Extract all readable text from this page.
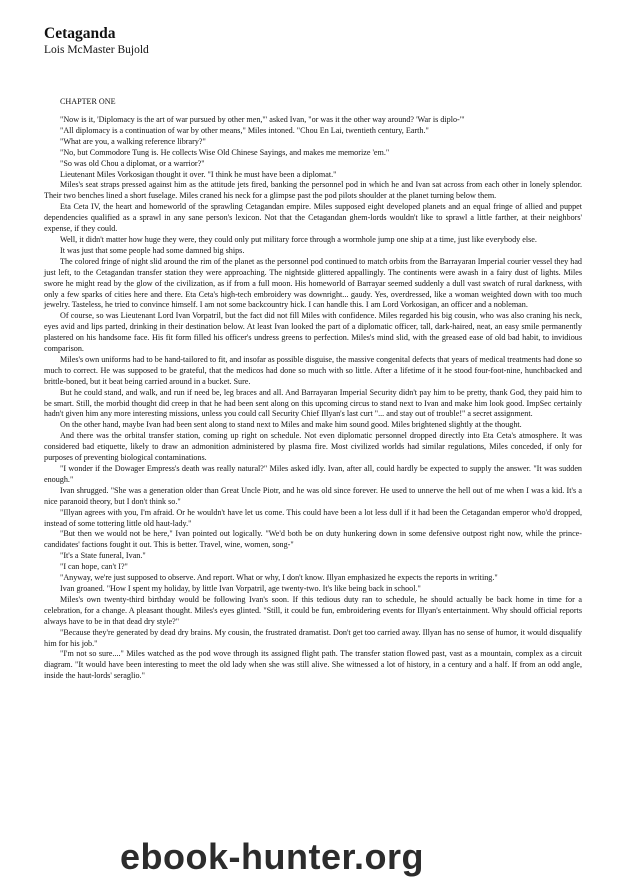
Cetaganda
Lois McMaster Bujold
CHAPTER ONE

"Now is it, 'Diplomacy is the art of war pursued by other men,'" asked Ivan, "or was it the other way around? 'War is diplo-'"

"All diplomacy is a continuation of war by other means," Miles intoned. "Chou En Lai, twentieth century, Earth."

"What are you, a walking reference library?"

"No, but Commodore Tung is. He collects Wise Old Chinese Sayings, and makes me memorize 'em."

"So was old Chou a diplomat, or a warrior?"

Lieutenant Miles Vorkosigan thought it over. "I think he must have been a diplomat."

Miles's seat straps pressed against him as the attitude jets fired, banking the personnel pod in which he and Ivan sat across from each other in lonely splendor. Their two benches lined a short fuselage. Miles craned his neck for a glimpse past the pod pilots shoulder at the planet turning below them.

Eta Ceta IV, the heart and homeworld of the sprawling Cetagandan empire. Miles supposed eight developed planets and an equal fringe of allied and puppet dependencies qualified as a sprawl in any sane person's lexicon. Not that the Cetagandan ghem-lords wouldn't like to sprawl a little farther, at their neighbors' expense, if they could.

Well, it didn't matter how huge they were, they could only put military force through a wormhole jump one ship at a time, just like everybody else.

It was just that some people had some damned big ships.

The colored fringe of night slid around the rim of the planet as the personnel pod continued to match orbits from the Barrayaran Imperial courier vessel they had just left, to the Cetagandan transfer station they were approaching. The nightside glittered appallingly. The continents were awash in a fairy dust of lights. Miles swore he might read by the glow of the civilization, as if from a full moon. His homeworld of Barrayar seemed suddenly a dull vast swatch of rural darkness, with only a few sparks of cities here and there. Eta Ceta's high-tech embroidery was downright... gaudy. Yes, overdressed, like a woman weighted down with too much jewelry. Tasteless, he tried to convince himself. I am not some backcountry hick. I can handle this. I am Lord Vorkosigan, an officer and a nobleman.

Of course, so was Lieutenant Lord Ivan Vorpatril, but the fact did not fill Miles with confidence. Miles regarded his big cousin, who was also craning his neck, eyes avid and lips parted, drinking in their destination below. At least Ivan looked the part of a diplomatic officer, tall, dark-haired, neat, an easy smile permanently plastered on his handsome face. His fit form filled his officer's undress greens to perfection. Miles's mind slid, with the greased ease of old bad habit, to invidious comparison.

Miles's own uniforms had to be hand-tailored to fit, and insofar as possible disguise, the massive congenital defects that years of medical treatments had done so much to correct. He was supposed to be grateful, that the medicos had done so much with so little. After a lifetime of it he stood four-foot-nine, hunchbacked and brittle-boned, but it beat being carried around in a bucket. Sure.

But he could stand, and walk, and run if need be, leg braces and all. And Barrayaran Imperial Security didn't pay him to be pretty, thank God, they paid him to be smart. Still, the morbid thought did creep in that he had been sent along on this upcoming circus to stand next to Ivan and make him look good. ImpSec certainly hadn't given him any more interesting missions, unless you could call Security Chief Illyan's last curt "... and stay out of trouble!" a secret assignment.

On the other hand, maybe Ivan had been sent along to stand next to Miles and make him sound good. Miles brightened slightly at the thought.

And there was the orbital transfer station, coming up right on schedule. Not even diplomatic personnel dropped directly into Eta Ceta's atmosphere. It was considered bad etiquette, likely to draw an admonition administered by plasma fire. Most civilized worlds had similar regulations, Miles conceded, if only for purposes of preventing biological contaminations.

"I wonder if the Dowager Empress's death was really natural?" Miles asked idly. Ivan, after all, could hardly be expected to supply the answer. "It was sudden enough."

Ivan shrugged. "She was a generation older than Great Uncle Piotr, and he was old since forever. He used to unnerve the hell out of me when I was a kid. It's a nice paranoid theory, but I don't think so."

"Illyan agrees with you, I'm afraid. Or he wouldn't have let us come. This could have been a lot less dull if it had been the Cetagandan emperor who'd dropped, instead of some tottering little old haut-lady."

"But then we would not be here," Ivan pointed out logically. "We'd both be on duty hunkering down in some defensive outpost right now, while the prince-candidates' factions fought it out. This is better. Travel, wine, women, song-"

"It's a State funeral, Ivan."

"I can hope, can't I?"

"Anyway, we're just supposed to observe. And report. What or why, I don't know. Illyan emphasized he expects the reports in writing."

Ivan groaned. "How I spent my holiday, by little Ivan Vorpatril, age twenty-two. It's like being back in school."

Miles's own twenty-third birthday would be following Ivan's soon. If this tedious duty ran to schedule, he should actually be back home in time for a celebration, for a change. A pleasant thought. Miles's eyes glinted. "Still, it could be fun, embroidering events for Illyan's entertainment. Why should official reports always have to be in that dead dry style?"

"Because they're generated by dead dry brains. My cousin, the frustrated dramatist. Don't get too carried away. Illyan has no sense of humor, it would disqualify him for his job."

"I'm not so sure...." Miles watched as the pod wove through its assigned flight path. The transfer station flowed past, vast as a mountain, complex as a circuit diagram. "It would have been interesting to meet the old lady when she was still alive. She witnessed a lot of history, in a century and a half. If from an odd angle, inside the haut-lords' seraglio."

ebook-hunter.org
